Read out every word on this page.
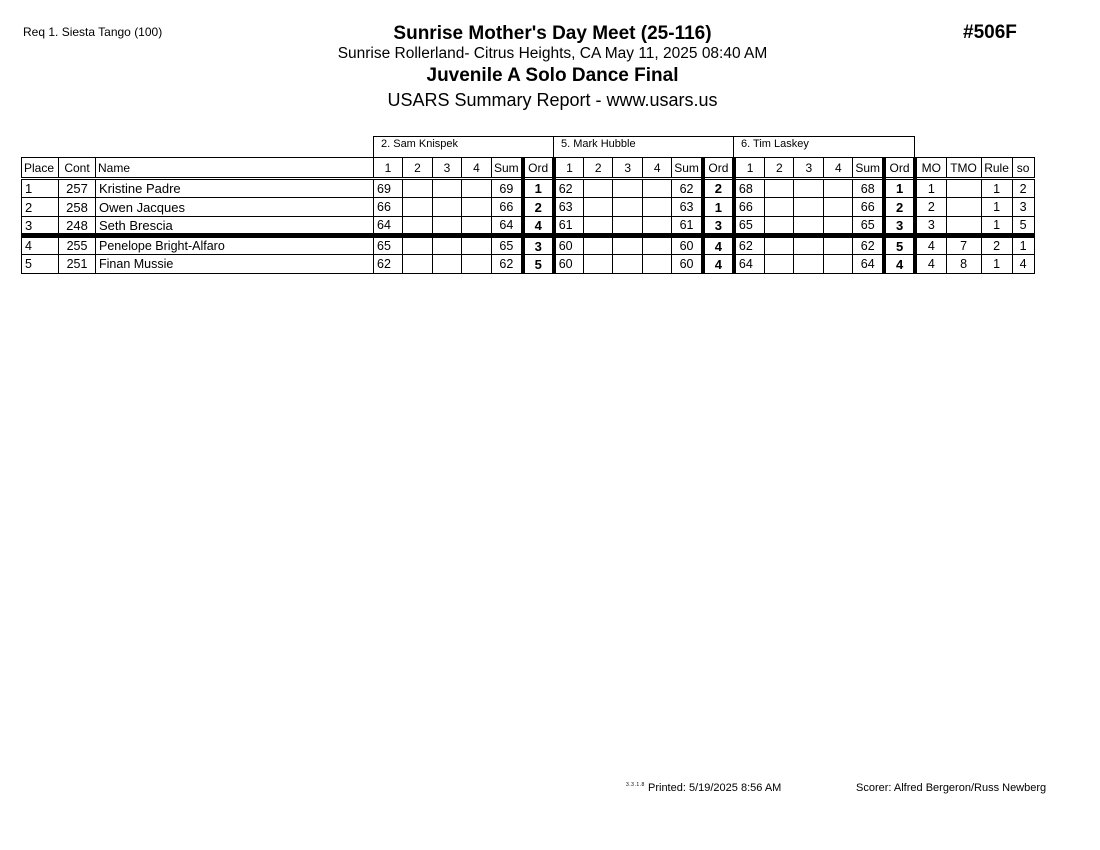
Req 1. Siesta Tango (100)	Sunrise Mother's Day Meet (25-116)
Sunrise Rollerland- Citrus Heights, CA May 11, 2025 08:40 AM
Juvenile A Solo Dance Final
USARS Summary Report - www.usars.us
#506F
2. Sam Knispek	5. Mark Hubble	6. Tim Laskey
Place	Cont	Name	1	2	3	4	Sum	Ord	1	2	3	4	Sum	Ord	1	2	3	4	Sum	Ord	MO	TMO	Rule	so
1	257	Kristine Padre	69				69	1	62				62	2	68				68	1	1		1	2
2	258	Owen Jacques	66				66	2	63				63	1	66				66	2	2		1	3
3	248	Seth Brescia	64				64	4	61				61	3	65				65	3	3		1	5
4	255	Penelope Bright-Alfaro	65				65	3	60				60	4	62				62	5	4	7	2	1
5	251	Finan Mussie	62				62	5	60				60	4	64				64	4	4	8	1	4
3.3.1.8 Printed: 5/19/2025 8:56 AM	Scorer: Alfred Bergeron/Russ Newberg
